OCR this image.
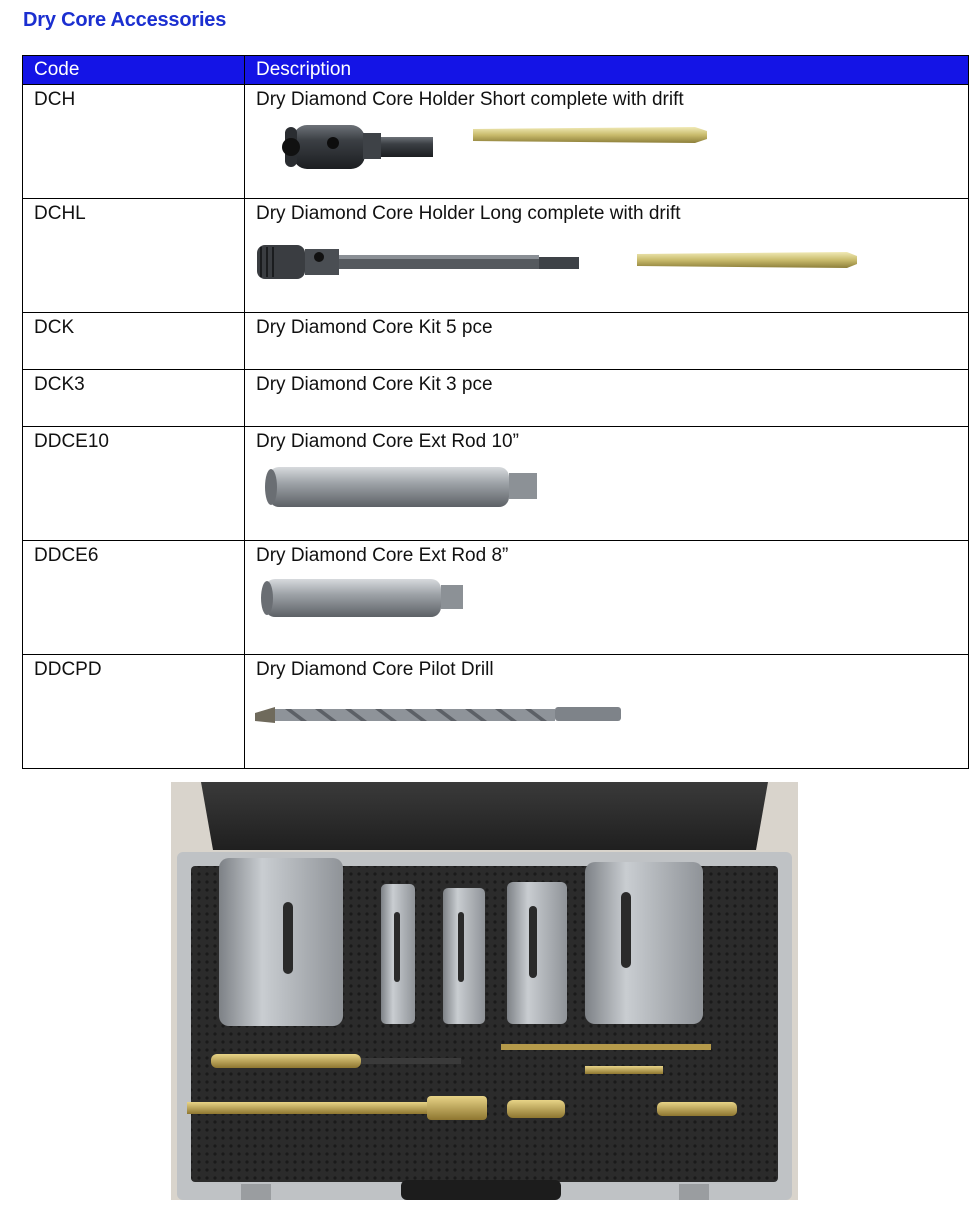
Dry Core Accessories
Code	Description

DCH	Dry Diamond Core Holder Short complete with drift

DCHL	Dry Diamond Core Holder Long complete with drift

DCK	Dry Diamond Core Kit 5 pce

DCK3	Dry Diamond Core Kit 3 pce

DDCE10	Dry Diamond Core Ext Rod 10”

DDCE6	Dry Diamond Core Ext Rod 8”

DDCPD	Dry Diamond Core Pilot Drill
